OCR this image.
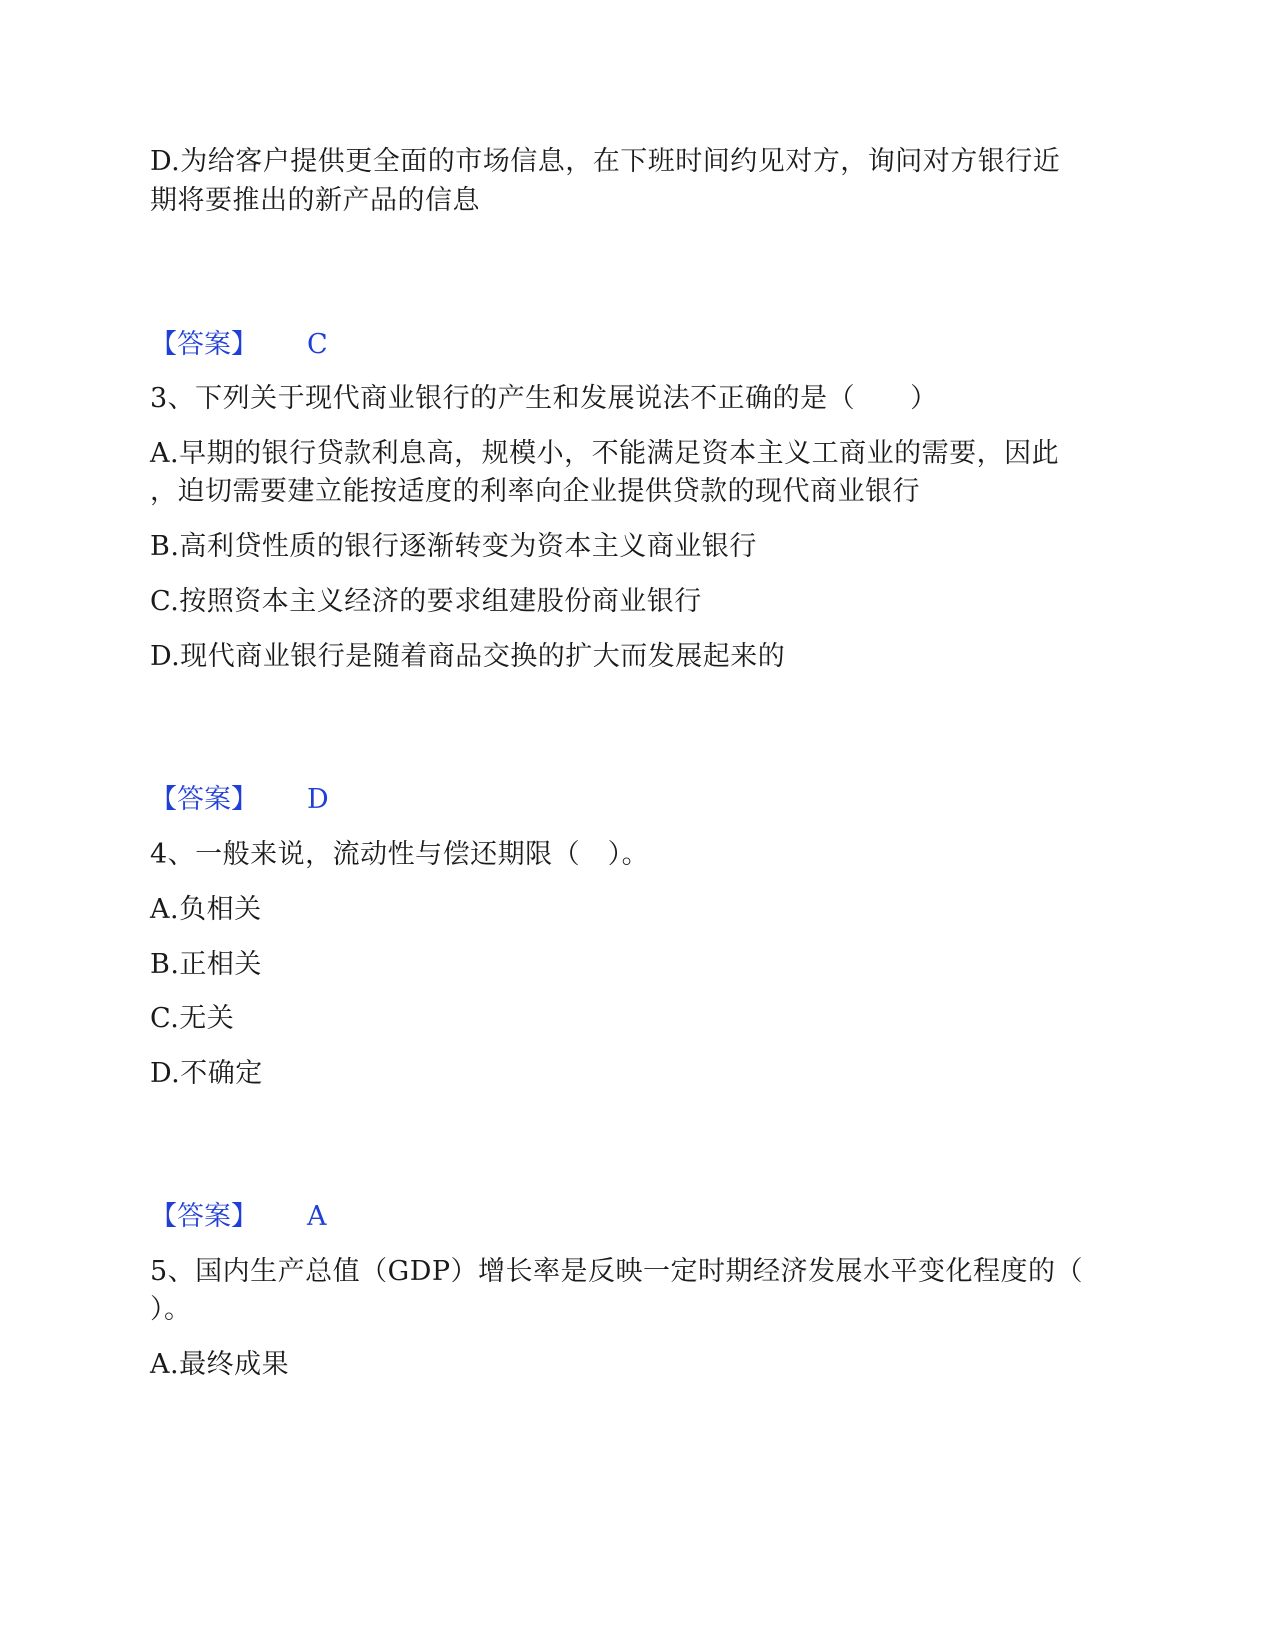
D.为给客户提供更全面的市场信息，在下班时间约见对方，询问对方银行近
期将要推出的新产品的信息
【答案】 C
3、下列关于现代商业银行的产生和发展说法不正确的是（　　）
A.早期的银行贷款利息高，规模小，不能满足资本主义工商业的需要，因此
，迫切需要建立能按适度的利率向企业提供贷款的现代商业银行
B.高利贷性质的银行逐渐转变为资本主义商业银行
C.按照资本主义经济的要求组建股份商业银行
D.现代商业银行是随着商品交换的扩大而发展起来的
【答案】 D
4、一般来说，流动性与偿还期限（　）。
A.负相关
B.正相关
C.无关
D.不确定
【答案】 A
5、国内生产总值（GDP）增长率是反映一定时期经济发展水平变化程度的（
）。
A.最终成果
